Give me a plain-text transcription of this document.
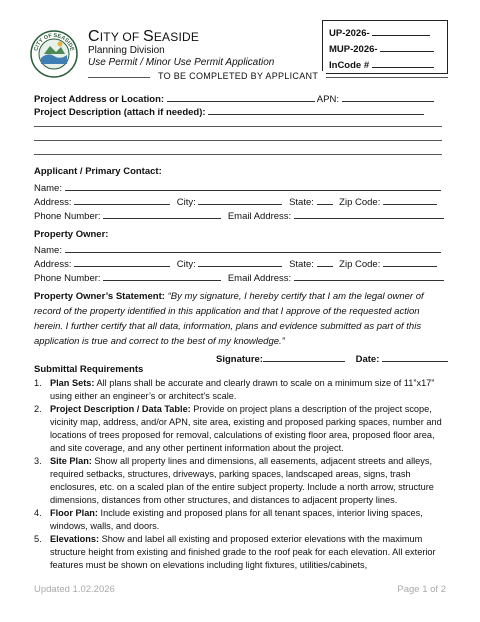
CITY OF SEASIDE
CITY OF SEASIDE
Planning Division
Use Permit / Minor Use Permit Application
UP-2026-
MUP-2026-
InCode #
TO BE COMPLETED BY APPLICANT
Project Address or Location:	APN:
Project Description (attach if needed):
Applicant / Primary Contact:
Name:
Address:	City:	State:	Zip Code:
Phone Number:	Email Address:
Property Owner:
Name:
Address:	City:	State:	Zip Code:
Phone Number:	Email Address:
Property Owner’s Statement: “By my signature, I hereby certify that I am the legal owner of record of the property identified in this application and that I approve of the requested action herein. I further certify that all data, information, plans and evidence submitted as part of this application is true and correct to the best of my knowledge.”
Signature:	Date:
Submittal Requirements
1. Plan Sets: All plans shall be accurate and clearly drawn to scale on a minimum size of 11”x17” using either an engineer’s or architect’s scale.
2. Project Description / Data Table: Provide on project plans a description of the project scope, vicinity map, address, and/or APN, site area, existing and proposed parking spaces, number and locations of trees proposed for removal, calculations of existing floor area, proposed floor area, and site coverage, and any other pertinent information about the project.
3. Site Plan: Show all property lines and dimensions, all easements, adjacent streets and alleys, required setbacks, structures, driveways, parking spaces, landscaped areas, signs, trash enclosures, etc. on a scaled plan of the entire subject property. Include a north arrow, structure dimensions, distances from other structures, and distances to adjacent property lines.
4. Floor Plan: Include existing and proposed plans for all tenant spaces, interior living spaces, windows, walls, and doors.
5. Elevations: Show and label all existing and proposed exterior elevations with the maximum structure height from existing and finished grade to the roof peak for each elevation. All exterior features must be shown on elevations including light fixtures, utilities/cabinets,
Updated 1.02.2026	Page 1 of 2
